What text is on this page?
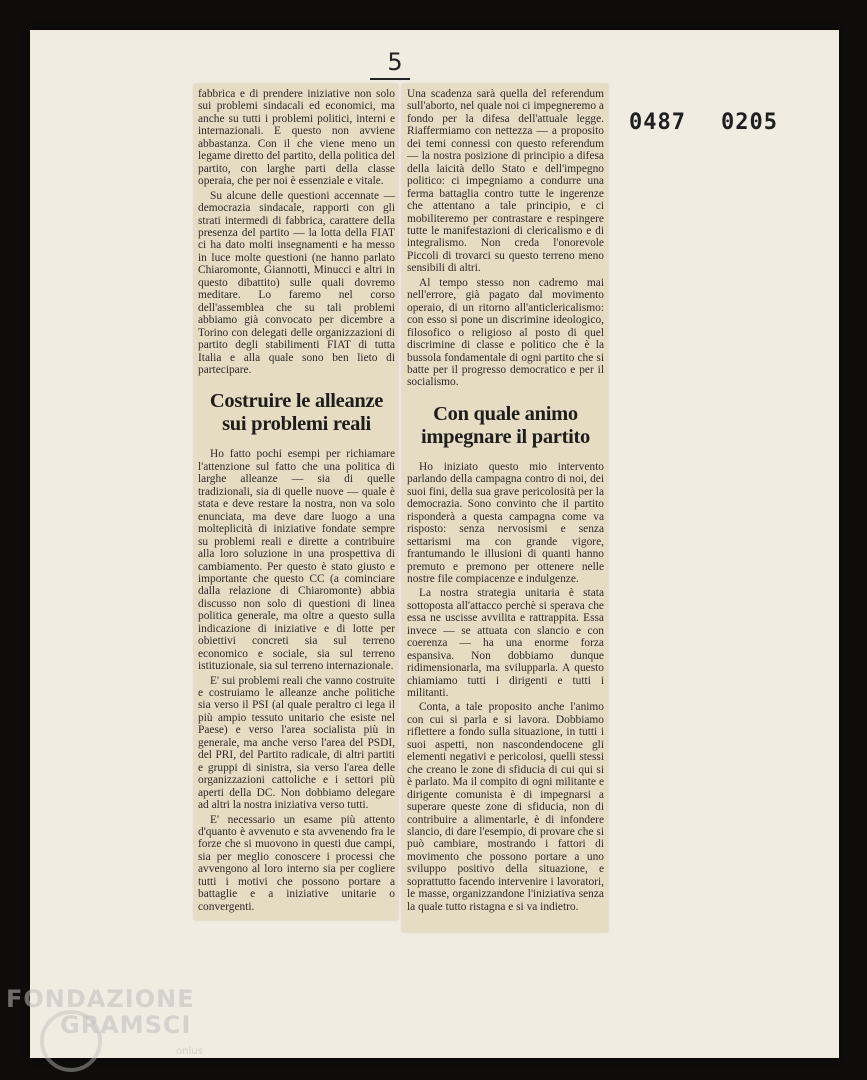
5
0487 0205

fabbrica e di prendere iniziative non solo sui problemi sindacali ed economici, ma anche su tutti i problemi politici, interni e internazionali. E questo non avviene abbastanza. Con il che viene meno un legame diretto del partito, della politica del partito, con larghe parti della classe operaia, che per noi è essenziale e vitale.

Su alcune delle questioni accennate — democrazia sindacale, rapporti con gli strati intermedi di fabbrica, carattere della presenza del partito — la lotta della FIAT ci ha dato molti insegnamenti e ha messo in luce molte questioni (ne hanno parlato Chiaromonte, Giannotti, Minucci e altri in questo dibattito) sulle quali dovremo meditare. Lo faremo nel corso dell'assemblea che su tali problemi abbiamo già convocato per dicembre a Torino con delegati delle organizzazioni di partito degli stabilimenti FIAT di tutta Italia e alla quale sono ben lieto di partecipare.

Costruire le alleanze sui problemi reali

Ho fatto pochi esempi per richiamare l'attenzione sul fatto che una politica di larghe alleanze — sia di quelle tradizionali, sia di quelle nuove — quale è stata e deve restare la nostra, non va solo enunciata, ma deve dare luogo a una molteplicità di iniziative fondate sempre su problemi reali e dirette a contribuire alla loro soluzione in una prospettiva di cambiamento. Per questo è stato giusto e importante che questo CC (a cominciare dalla relazione di Chiaromonte) abbia discusso non solo di questioni di linea politica generale, ma oltre a questo sulla indicazione di iniziative e di lotte per obiettivi concreti sia sul terreno economico e sociale, sia sul terreno istituzionale, sia sul terreno internazionale.

E' sui problemi reali che vanno costruite e costruiamo le alleanze anche politiche sia verso il PSI (al quale peraltro ci lega il più ampio tessuto unitario che esiste nel Paese) e verso l'area socialista più in generale, ma anche verso l'area del PSDI, del PRI, del Partito radicale, di altri partiti e gruppi di sinistra, sia verso l'area delle organizzazioni cattoliche e i settori più aperti della DC. Non dobbiamo delegare ad altri la nostra iniziativa verso tutti.

E' necessario un esame più attento d'quanto è avvenuto e sta avvenendo fra le forze che si muovono in questi due campi, sia per meglio conoscere i processi che avvengono al loro interno sia per cogliere tutti i motivi che possono portare a battaglie e a iniziative unitarie o convergenti.

Una scadenza sarà quella del referendum sull'aborto, nel quale noi ci impegneremo a fondo per la difesa dell'attuale legge. Riaffermiamo con nettezza — a proposito dei temi connessi con questo referendum — la nostra posizione di principio a difesa della laicità dello Stato e dell'impegno politico: ci impegniamo a condurre una ferma battaglia contro tutte le ingerenze che attentano a tale principio, e ci mobiliteremo per contrastare e respingere tutte le manifestazioni di clericalismo e di integralismo. Non creda l'onorevole Piccoli di trovarci su questo terreno meno sensibili di altri.

Al tempo stesso non cadremo mai nell'errore, già pagato dal movimento operaio, di un ritorno all'anticlericalismo: con esso si pone un discrimine ideologico, filosofico o religioso al posto di quel discrimine di classe e politico che è la bussola fondamentale di ogni partito che si batte per il progresso democratico e per il socialismo.

Con quale animo impegnare il partito

Ho iniziato questo mio intervento parlando della campagna contro di noi, dei suoi fini, della sua grave pericolosità per la democrazia. Sono convinto che il partito risponderà a questa campagna come va risposto: senza nervosismi e senza settarismi ma con grande vigore, frantumando le illusioni di quanti hanno premuto e premono per ottenere nelle nostre file compiacenze e indulgenze.

La nostra strategia unitaria è stata sottoposta all'attacco perchè si sperava che essa ne uscisse avvilita e rattrappita. Essa invece — se attuata con slancio e con coerenza — ha una enorme forza espansiva. Non dobbiamo dunque ridimensionarla, ma svilupparla. A questo chiamiamo tutti i dirigenti e tutti i militanti.

Conta, a tale proposito anche l'animo con cui si parla e si lavora. Dobbiamo riflettere a fondo sulla situazione, in tutti i suoi aspetti, non nascondendocene gli elementi negativi e pericolosi, quelli stessi che creano le zone di sfiducia di cui qui si è parlato. Ma il compito di ogni militante e dirigente comunista è di impegnarsi a superare queste zone di sfiducia, non di contribuire a alimentarle, è di infondere slancio, di dare l'esempio, di provare che si può cambiare, mostrando i fattori di movimento che possono portare a uno sviluppo positivo della situazione, e soprattutto facendo intervenire i lavoratori, le masse, organizzandone l'iniziativa senza la quale tutto ristagna e si va indietro.

FONDAZIONE
GRAMSCI
onlus
